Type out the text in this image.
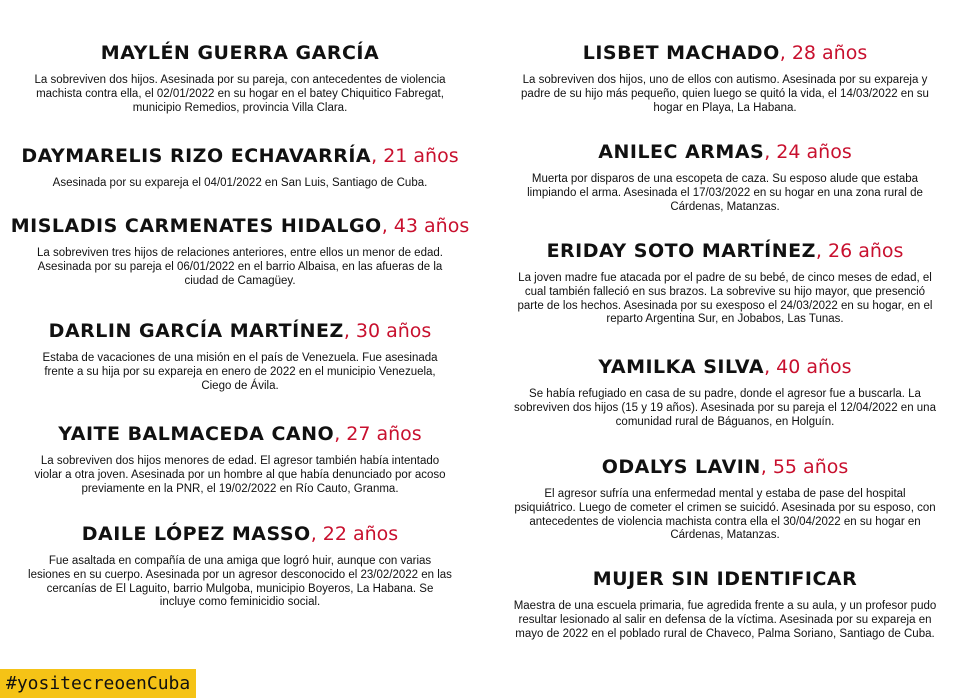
MAYLÉN GUERRA GARCÍA

La sobreviven dos hijos. Asesinada por su pareja, con antecedentes de violencia machista contra ella, el 02/01/2022 en su hogar en el batey Chiquitico Fabregat, municipio Remedios, provincia Villa Clara.

DAYMARELIS RIZO ECHAVARRÍA, 21 años

Asesinada por su expareja el 04/01/2022 en San Luis, Santiago de Cuba.

MISLADIS CARMENATES HIDALGO, 43 años

La sobreviven tres hijos de relaciones anteriores, entre ellos un menor de edad. Asesinada por su pareja el 06/01/2022 en el barrio Albaisa, en las afueras de la ciudad de Camagüey.

DARLIN GARCÍA MARTÍNEZ, 30 años

Estaba de vacaciones de una misión en el país de Venezuela. Fue asesinada frente a su hija por su expareja en enero de 2022 en el municipio Venezuela, Ciego de Ávila.

YAITE BALMACEDA CANO, 27 años

La sobreviven dos hijos menores de edad. El agresor también había intentado violar a otra joven. Asesinada por un hombre al que había denunciado por acoso previamente en la PNR, el 19/02/2022 en Río Cauto, Granma.

DAILE LÓPEZ MASSO, 22 años

Fue asaltada en compañía de una amiga que logró huir, aunque con varias lesiones en su cuerpo. Asesinada por un agresor desconocido el 23/02/2022 en las cercanías de El Laguito, barrio Mulgoba, municipio Boyeros, La Habana. Se incluye como feminicidio social.

LISBET MACHADO, 28 años

La sobreviven dos hijos, uno de ellos con autismo. Asesinada por su expareja y padre de su hijo más pequeño, quien luego se quitó la vida, el 14/03/2022 en su hogar en Playa, La Habana.

ANILEC ARMAS, 24 años

Muerta por disparos de una escopeta de caza. Su esposo alude que estaba limpiando el arma. Asesinada el 17/03/2022 en su hogar en una zona rural de Cárdenas, Matanzas.

ERIDAY SOTO MARTÍNEZ, 26 años

La joven madre fue atacada por el padre de su bebé, de cinco meses de edad, el cual también falleció en sus brazos. La sobrevive su hijo mayor, que presenció parte de los hechos. Asesinada por su exesposo el 24/03/2022 en su hogar, en el reparto Argentina Sur, en Jobabos, Las Tunas.

YAMILKA SILVA, 40 años

Se había refugiado en casa de su padre, donde el agresor fue a buscarla. La sobreviven dos hijos (15 y 19 años). Asesinada por su pareja el 12/04/2022 en una comunidad rural de Báguanos, en Holguín.

ODALYS LAVIN, 55 años

El agresor sufría una enfermedad mental y estaba de pase del hospital psiquiátrico. Luego de cometer el crimen se suicidó. Asesinada por su esposo, con antecedentes de violencia machista contra ella el 30/04/2022 en su hogar en Cárdenas, Matanzas.

MUJER SIN IDENTIFICAR

Maestra de una escuela primaria, fue agredida frente a su aula, y un profesor pudo resultar lesionado al salir en defensa de la víctima. Asesinada por su expareja en mayo de 2022 en el poblado rural de Chaveco, Palma Soriano, Santiago de Cuba.

#yositecreoenCuba
